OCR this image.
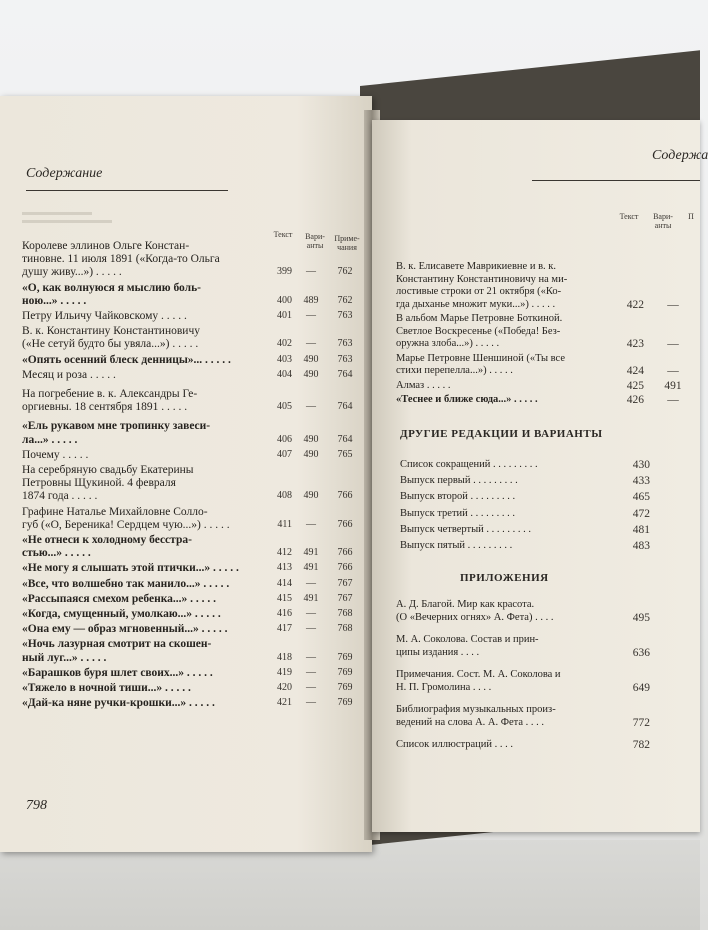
Содержание
Текст	Вари-
анты
Приме-
чания
798
Королеве эллинов Ольге Констан-
тиновне. 11 июля 1891 («Когда-то Ольга
душу живу...») . . . . .	399	—	762
«О, как волнуюся я мыслию боль-
ною...» . . . . .	400	489	762
Петру Ильичу Чайковскому . . . . .	401	—	763
В. к. Константину Константиновичу
(«Не сетуй будто бы увяла...») . . . . .	402	—	763
«Опять осенний блеск денницы»... . . . . .	403	490	763
Месяц и роза . . . . .	404	490	764
На погребение в. к. Александры Ге-
оргиевны. 18 сентября 1891 . . . . .	405	—	764
«Ель рукавом мне тропинку завеси-
ла...» . . . . .	406	490	764
Почему . . . . .	407	490	765
На серебряную свадьбу Екатерины
Петровны Щукиной. 4 февраля
1874 года . . . . .	408	490	766
Графине Наталье Михайловне Солло-
губ («О, Береника! Сердцем чую...») . . . . .	411	—	766
«Не отнеси к холодному бесстра-
стью...» . . . . .	412	491	766
«Не могу я слышать этой птички...» . . . . .	413	491	766
«Все, что волшебно так манило...» . . . . .	414	—	767
«Рассыпаяся смехом ребенка...» . . . . .	415	491	767
«Когда, смущенный, умолкаю...» . . . . .	416	—	768
«Она ему — образ мгновенный...» . . . . .	417	—	768
«Ночь лазурная смотрит на скошен-
ный луг...» . . . . .	418	—	769
«Барашков буря шлет своих...» . . . . .	419	—	769
«Тяжело в ночной тиши...» . . . . .	420	—	769
«Дай-ка няне ручки-крошки...» . . . . .	421	—	769
Содержа
Текст	Вари-
анты
П
ДРУГИЕ РЕДАКЦИИ И ВАРИАНТЫ
ПРИЛОЖЕНИЯ
В. к. Елисавете Маврикиевне и в. к.
Константину Константиновичу на ми-
лостивые строки от 21 октября («Ко-
гда дыханье множит муки...») . . . . .	422	—
В альбом Марье Петровне Боткиной.
Светлое Воскресенье («Победа! Без-
оружна злоба...») . . . . .	423	—
Марье Петровне Шеншиной («Ты все
стихи перепелла...») . . . . .	424	—
Алмаз . . . . .	425	491
«Теснее и ближе сюда...» . . . . .	426	—
Список сокращений . . . . . . . . .	430
Выпуск первый . . . . . . . . .	433
Выпуск второй . . . . . . . . .	465
Выпуск третий . . . . . . . . .	472
Выпуск четвертый . . . . . . . . .	481
Выпуск пятый . . . . . . . . .	483
А. Д. Благой. Мир как красота.
(О «Вечерних огнях» А. Фета) . . . .	495
М. А. Соколова. Состав и прин-
ципы издания . . . .	636
Примечания. Сост. М. А. Соколова и
Н. П. Громолина . . . .	649
Библиография музыкальных произ-
ведений на слова А. А. Фета . . . .	772
Список иллюстраций . . . .	782
